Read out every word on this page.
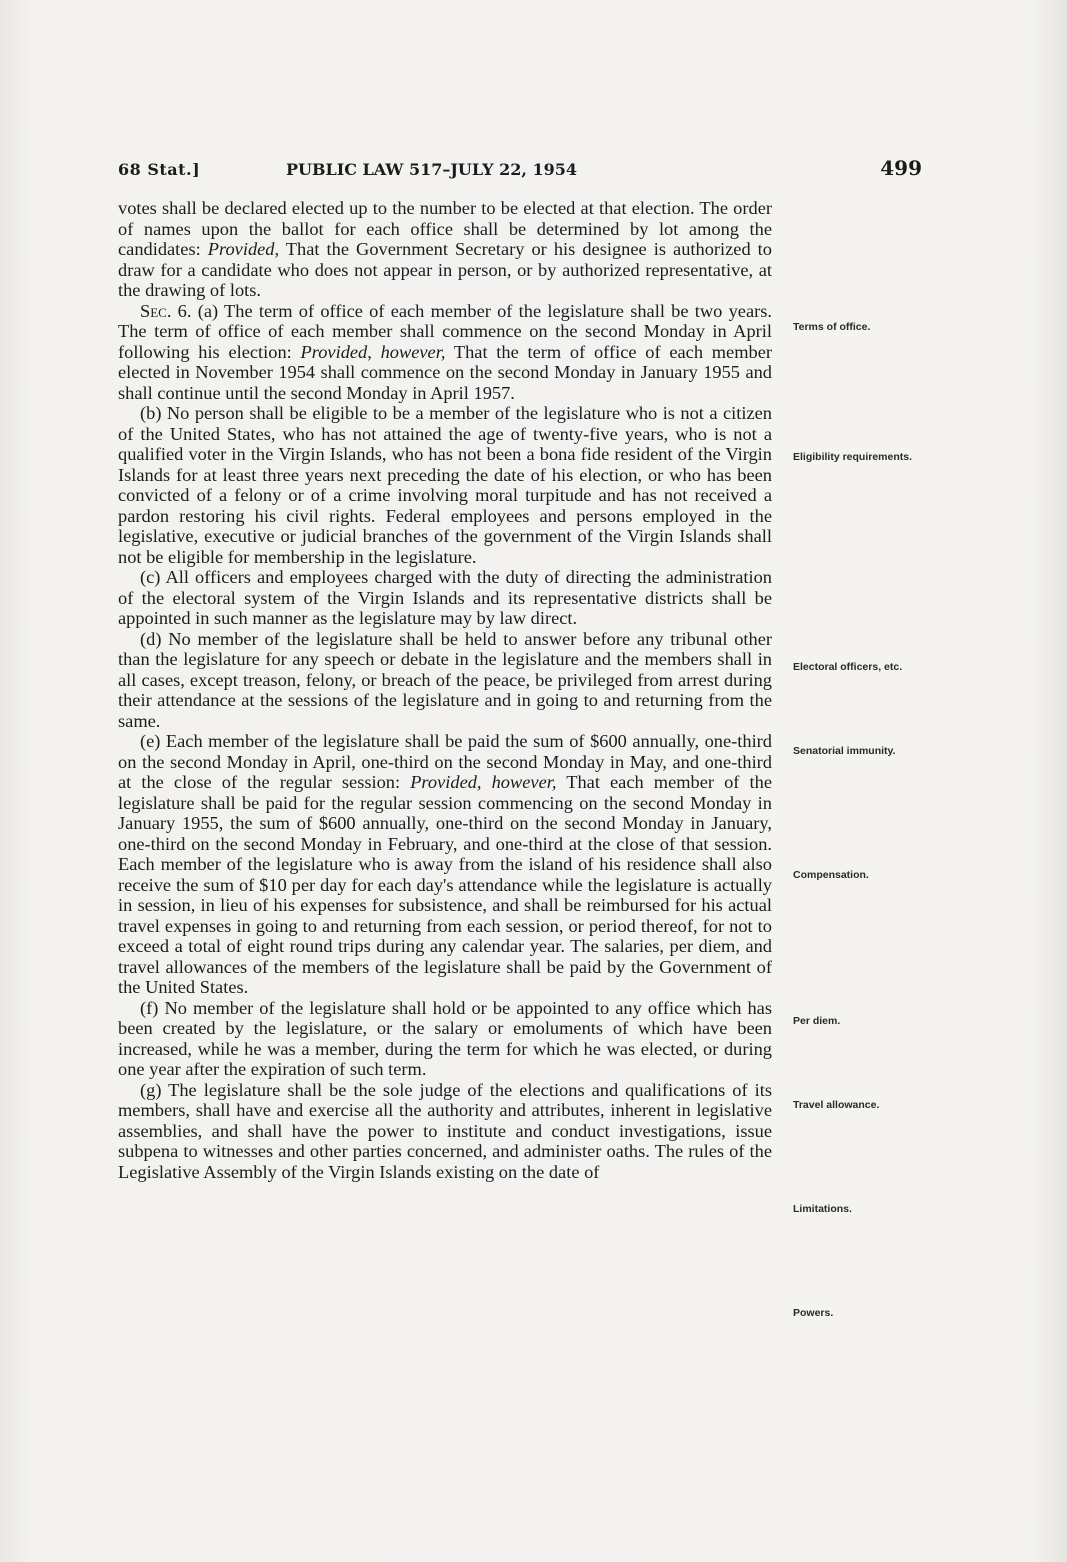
68 Stat.]	PUBLIC LAW 517–JULY 22, 1954	499

votes shall be declared elected up to the number to be elected at that election. The order of names upon the ballot for each office shall be determined by lot among the candidates: Provided, That the Government Secretary or his designee is authorized to draw for a candidate who does not appear in person, or by authorized representative, at the drawing of lots.

Sec. 6. (a) The term of office of each member of the legislature shall be two years. The term of office of each member shall commence on the second Monday in April following his election: Provided, however, That the term of office of each member elected in November 1954 shall commence on the second Monday in January 1955 and shall continue until the second Monday in April 1957.

(b) No person shall be eligible to be a member of the legislature who is not a citizen of the United States, who has not attained the age of twenty-five years, who is not a qualified voter in the Virgin Islands, who has not been a bona fide resident of the Virgin Islands for at least three years next preceding the date of his election, or who has been convicted of a felony or of a crime involving moral turpitude and has not received a pardon restoring his civil rights. Federal employees and persons employed in the legislative, executive or judicial branches of the government of the Virgin Islands shall not be eligible for membership in the legislature.

(c) All officers and employees charged with the duty of directing the administration of the electoral system of the Virgin Islands and its representative districts shall be appointed in such manner as the legislature may by law direct.

(d) No member of the legislature shall be held to answer before any tribunal other than the legislature for any speech or debate in the legislature and the members shall in all cases, except treason, felony, or breach of the peace, be privileged from arrest during their attendance at the sessions of the legislature and in going to and returning from the same.

(e) Each member of the legislature shall be paid the sum of $600 annually, one-third on the second Monday in April, one-third on the second Monday in May, and one-third at the close of the regular session: Provided, however, That each member of the legislature shall be paid for the regular session commencing on the second Monday in January 1955, the sum of $600 annually, one-third on the second Monday in January, one-third on the second Monday in February, and one-third at the close of that session. Each member of the legislature who is away from the island of his residence shall also receive the sum of $10 per day for each day's attendance while the legislature is actually in session, in lieu of his expenses for subsistence, and shall be reimbursed for his actual travel expenses in going to and returning from each session, or period thereof, for not to exceed a total of eight round trips during any calendar year. The salaries, per diem, and travel allowances of the members of the legislature shall be paid by the Government of the United States.

(f) No member of the legislature shall hold or be appointed to any office which has been created by the legislature, or the salary or emoluments of which have been increased, while he was a member, during the term for which he was elected, or during one year after the expiration of such term.

(g) The legislature shall be the sole judge of the elections and qualifications of its members, shall have and exercise all the authority and attributes, inherent in legislative assemblies, and shall have the power to institute and conduct investigations, issue subpena to witnesses and other parties concerned, and administer oaths. The rules of the Legislative Assembly of the Virgin Islands existing on the date of

Terms of office.
Eligibility requirements.
Electoral officers, etc.
Senatorial immunity.
Compensation.
Per diem.
Travel allowance.
Limitations.
Powers.
